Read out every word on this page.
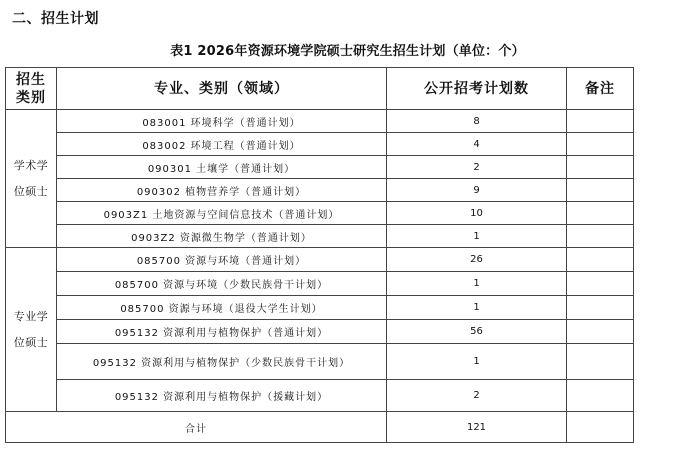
二、招生计划
表1 2026年资源环境学院硕士研究生招生计划（单位：个）
招生
类别	专业、类别（领域）	公开招考计划数	备注

学术学
位硕士	083001 环境科学（普通计划）	8	
	083002 环境工程（普通计划）	4	
	090301 土壤学（普通计划）	2	
	090302 植物营养学（普通计划）	9	
	0903Z1 土地资源与空间信息技术（普通计划）	10	
	0903Z2 资源微生物学（普通计划）	1	

专业学
位硕士	085700 资源与环境（普通计划）	26	
	085700 资源与环境（少数民族骨干计划）	1	
	085700 资源与环境（退役大学生计划）	1	
	095132 资源利用与植物保护（普通计划）	56	
	095132 资源利用与植物保护（少数民族骨干计划）	1	
	095132 资源利用与植物保护（援藏计划）	2	
合计		121	
